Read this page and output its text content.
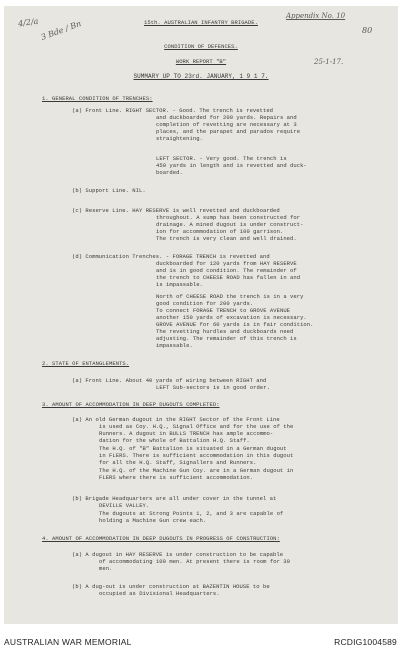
4/2/a 3 Bde / Bn
Appendix No. 10
80
25-1-17.
15th. AUSTRALIAN INFANTRY BRIGADE.
CONDITION OF DEFENCES.
WORK REPORT "B"
SUMMARY UP TO 23rd. JANUARY, 1 9 1 7.
1. GENERAL CONDITION OF TRENCHES:
(a) Front Line. RIGHT SECTOR. - Good. The trench is revetted
and duckboarded for 200 yards. Repairs and
completion of revetting are necessary at 3
places, and the parapet and parados require
straightening.
LEFT SECTOR. - Very good. The trench is
450 yards in length and is revetted and duck-
boarded.
(b) Support Line. NIL.
(c) Reserve Line. HAY RESERVE is well revetted and duckboarded
throughout. A sump has been constructed for
drainage. A mined dugout is under construct-
ion for accommodation of 100 garrison.
The trench is very clean and well drained.
(d) Communication Trenches. - FORAGE TRENCH is revetted and
duckboarded for 120 yards from HAY RESERVE
and is in good condition. The remainder of
the trench to CHEESE ROAD has fallen in and
is impassable.
North of CHEESE ROAD the trench is in a very
good condition for 200 yards.
To connect FORAGE TRENCH to GROVE AVENUE
another 150 yards of excavation is necessary.
GROVE AVENUE for 60 yards is in fair condition.
The revetting hurdles and duckboards need
adjusting. The remainder of this trench is
impassable.
2. STATE OF ENTANGLEMENTS.
(a) Front Line. About 40 yards of wiring between RIGHT and
LEFT Sub-sectors is in good order.
3. AMOUNT OF ACCOMMODATION IN DEEP DUGOUTS COMPLETED:
(a) An old German dugout in the RIGHT Sector of the Front Line
is used as Coy. H.Q., Signal Office and for the use of the
Runners. A dugout in BULLS TRENCH has ample accommo-
dation for the whole of Battalion H.Q. Staff.
The H.Q. of "B" Battalion is situated in a German dugout
in FLERS. There is sufficient accommodation in this dugout
for all the H.Q. Staff, Signallers and Runners.
The H.Q. of the Machine Gun Coy. are in a German dugout in
FLERS where there is sufficient accommodation.
(b) Brigade Headquarters are all under cover in the tunnel at
DEVILLE VALLEY.
The dugouts at Strong Points 1, 2, and 3 are capable of
holding a Machine Gun crew each.
4. AMOUNT OF ACCOMMODATION IN DEEP DUGOUTS IN PROGRESS OF CONSTRUCTION:
(a) A dugout in HAY RESERVE is under construction to be capable
of accommodating 100 men. At present there is room for 30
men.
(b) A dug-out is under construction at BAZENTIN HOUSE to be
occupied as Divisional Headquarters.
AUSTRALIAN WAR MEMORIAL	RCDIG1004589
